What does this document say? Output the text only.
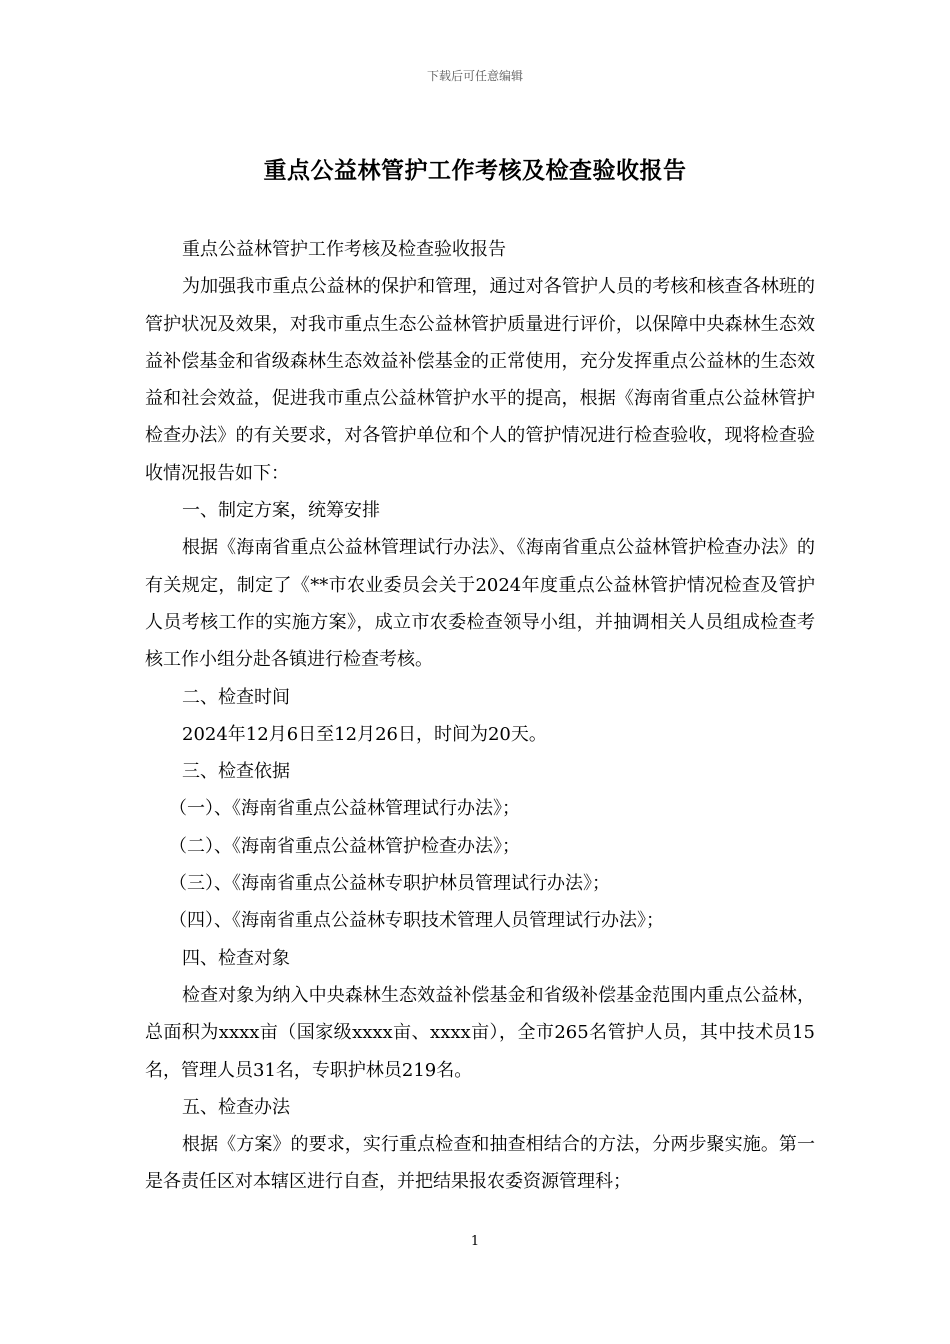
下载后可任意编辑
重点公益林管护工作考核及检查验收报告

重点公益林管护工作考核及检查验收报告

为加强我市重点公益林的保护和管理，通过对各管护人员的考核和核查各林班的管护状况及效果，对我市重点生态公益林管护质量进行评价，以保障中央森林生态效益补偿基金和省级森林生态效益补偿基金的正常使用，充分发挥重点公益林的生态效益和社会效益，促进我市重点公益林管护水平的提高，根据《海南省重点公益林管护检查办法》的有关要求，对各管护单位和个人的管护情况进行检查验收，现将检查验收情况报告如下：

一、制定方案，统筹安排

根据《海南省重点公益林管理试行办法》、《海南省重点公益林管护检查办法》的有关规定，制定了《**市农业委员会关于2024年度重点公益林管护情况检查及管护人员考核工作的实施方案》，成立市农委检查领导小组，并抽调相关人员组成检查考核工作小组分赴各镇进行检查考核。

二、检查时间

2024年12月6日至12月26日，时间为20天。

三、检查依据

（一）、《海南省重点公益林管理试行办法》；

（二）、《海南省重点公益林管护检查办法》；

（三）、《海南省重点公益林专职护林员管理试行办法》；

（四）、《海南省重点公益林专职技术管理人员管理试行办法》；

四、检查对象

检查对象为纳入中央森林生态效益补偿基金和省级补偿基金范围内重点公益林，总面积为xxxx亩（国家级xxxx亩、xxxx亩），全市265名管护人员，其中技术员15名，管理人员31名，专职护林员219名。

五、检查办法

根据《方案》的要求，实行重点检查和抽查相结合的方法，分两步聚实施。第一是各责任区对本辖区进行自查，并把结果报农委资源管理科；

1
